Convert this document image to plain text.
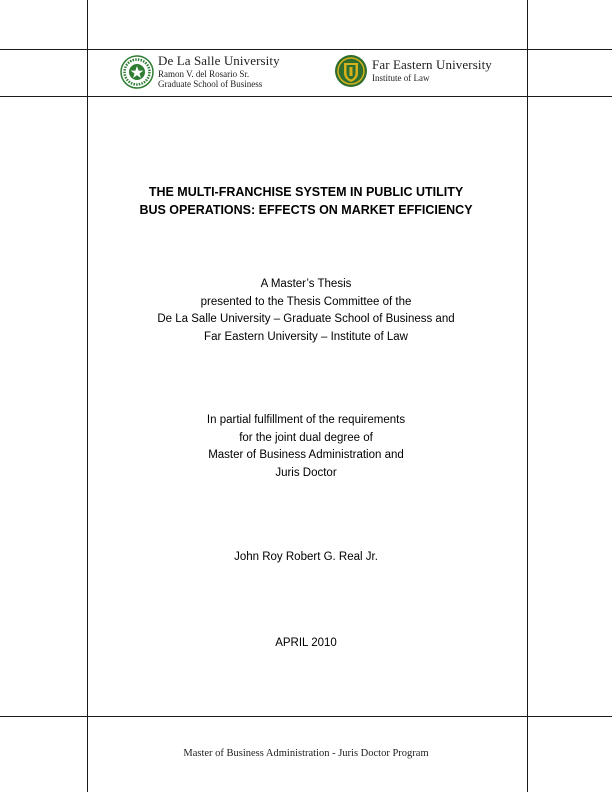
De La Salle University
Ramon V. del Rosario Sr.
Graduate School of Business
Far Eastern University
Institute of Law
THE MULTI-FRANCHISE SYSTEM IN PUBLIC UTILITY
BUS OPERATIONS: EFFECTS ON MARKET EFFICIENCY
A Master’s Thesis
presented to the Thesis Committee of the
De La Salle University – Graduate School of Business and
Far Eastern University – Institute of Law
In partial fulfillment of the requirements
for the joint dual degree of
Master of Business Administration and
Juris Doctor
John Roy Robert G. Real Jr.
APRIL 2010
Master of Business Administration - Juris Doctor Program
